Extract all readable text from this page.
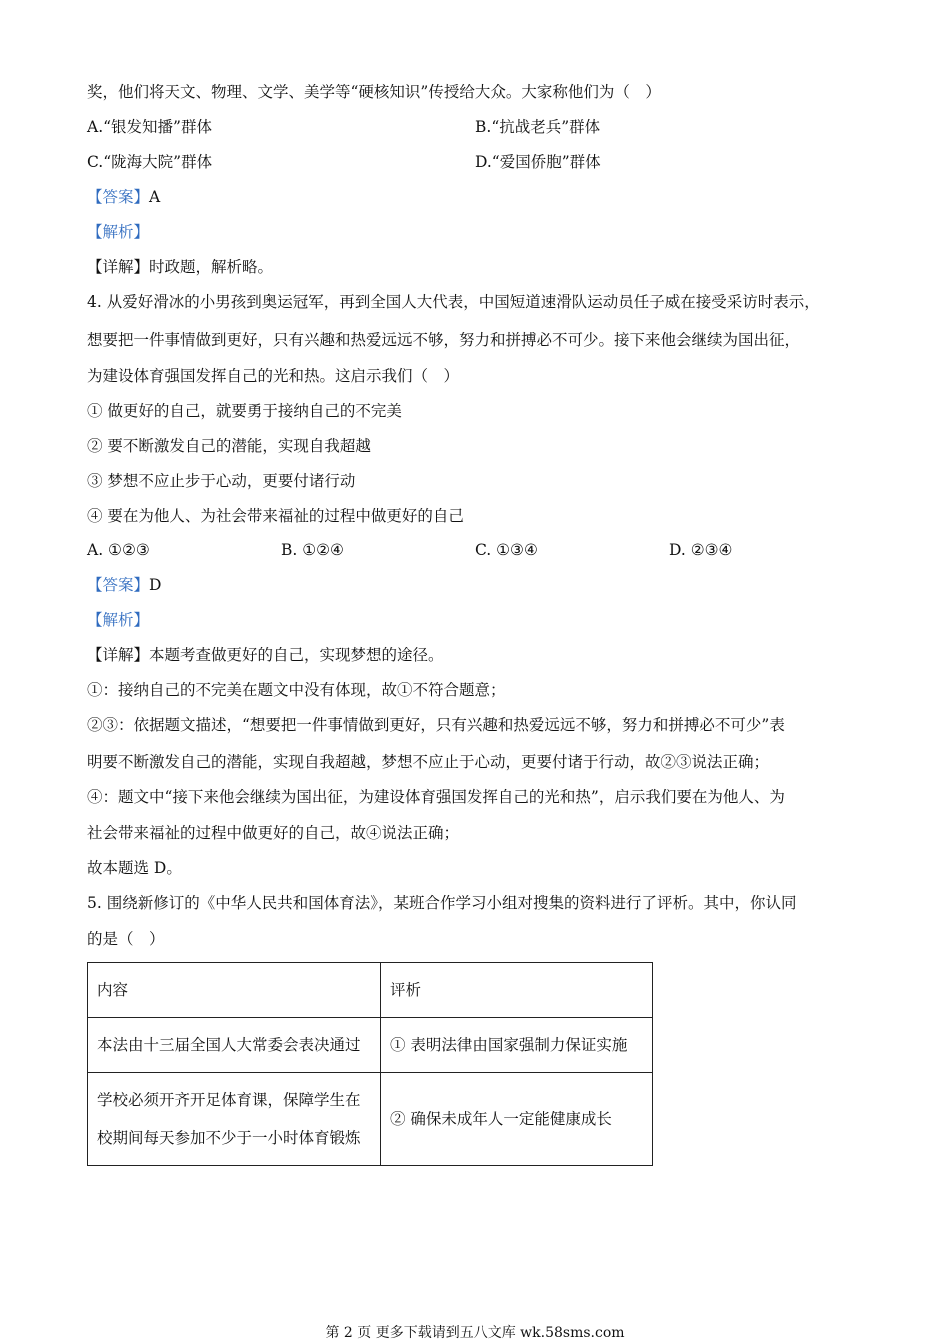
奖，他们将天文、物理、文学、美学等“硬核知识”传授给大众。大家称他们为（　）
A.“银发知播”群体	B.“抗战老兵”群体
C.“陇海大院”群体	D.“爱国侨胞”群体
【答案】A
【解析】
【详解】时政题，解析略。
4. 从爱好滑冰的小男孩到奥运冠军，再到全国人大代表，中国短道速滑队运动员任子威在接受采访时表示，
想要把一件事情做到更好，只有兴趣和热爱远远不够，努力和拼搏必不可少。接下来他会继续为国出征，
为建设体育强国发挥自己的光和热。这启示我们（　）
① 做更好的自己，就要勇于接纳自己的不完美
② 要不断激发自己的潜能，实现自我超越
③ 梦想不应止步于心动，更要付诸行动
④ 要在为他人、为社会带来福祉的过程中做更好的自己
A. ①②③	B. ①②④	C. ①③④	D. ②③④
【答案】D
【解析】
【详解】本题考查做更好的自己，实现梦想的途径。
①：接纳自己的不完美在题文中没有体现，故①不符合题意；
②③：依据题文描述，“想要把一件事情做到更好，只有兴趣和热爱远远不够，努力和拼搏必不可少”表
明要不断激发自己的潜能，实现自我超越，梦想不应止于心动，更要付诸于行动，故②③说法正确；
④：题文中“接下来他会继续为国出征，为建设体育强国发挥自己的光和热”，启示我们要在为他人、为
社会带来福祉的过程中做更好的自己，故④说法正确；
故本题选 D。
5. 围绕新修订的《中华人民共和国体育法》，某班合作学习小组对搜集的资料进行了评析。其中，你认同
的是（　）
内容	评析
本法由十三届全国人大常委会表决通过	① 表明法律由国家强制力保证实施
学校必须开齐开足体育课，保障学生在校期间每天参加不少于一小时体育锻炼	② 确保未成年人一定能健康成长
第 2 页 更多下载请到五八文库 wk.58sms.com
